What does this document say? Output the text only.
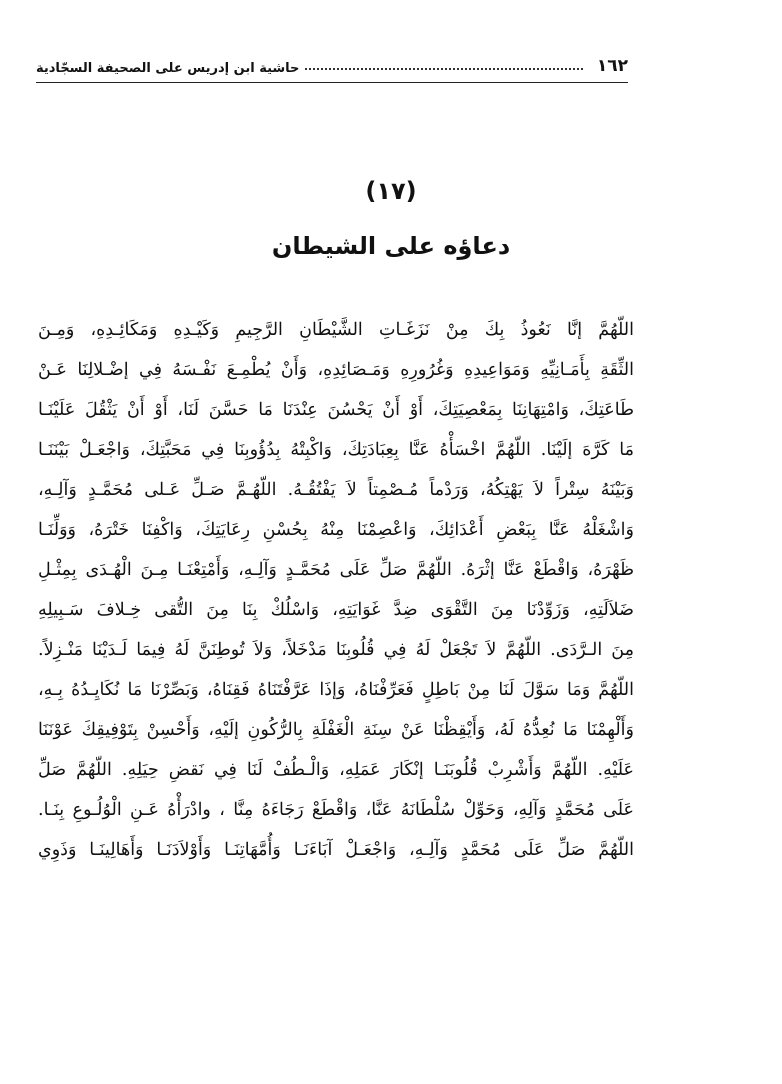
١٦٢
حاشية ابن إدريس على الصحيفة السجّادية
(١٧)
دعاؤه على الشيطان
اللّهُمَّ إنَّا نَعُوذُ بِكَ مِنْ نَزَغَـاتِ الشَّيْطَانِ الرَّجِيمِ وَكَيْـدِهِ وَمَكَائِـدِهِ، وَمِـنَ
الثِّقَةِ بِأَمَـانِيِّهِ وَمَوَاعِيدِهِ وَغُرُورِهِ وَمَـصَائِدِهِ، وَأَنْ يُطْمِـعَ نَفْـسَهُ فِي إضْـلالِنَا عَـنْ
طَاعَتِكَ، وَامْتِهَانِنَا بِمَعْصِيَتِكَ، أَوْ أَنْ يَحْسُنَ عِنْدَنَا مَا حَسَّنَ لَنَا، أَوْ أَنْ يَثْقُلَ عَلَيْنَـا
مَا كَرَّهَ إلَيْنَا. اللّهُمَّ اخْسَأْهُ عَنَّا بِعِبَادَتِكَ، وَاكْبِتْهُ بِدُؤُوبِنَا فِي مَحَبَّتِكَ، وَاجْعَـلْ بَيْنَنَـا
وَبَيْنَهُ سِتْراً لاَ يَهْتِكُهُ، وَرَدْماً مُـصْمِتاً لاَ يَفْتُقُـهُ. اللّهُـمَّ صَـلِّ عَـلى مُحَمَّـدٍ وَآلِـهِ،
وَاشْغَلْهُ عَنَّا بِبَعْضِ أَعْدَائِكَ، وَاعْصِمْنَا مِنْهُ بِحُسْنِ رِعَايَتِكَ، وَاكْفِنَا خَتْرَهُ، وَوَلِّنَـا
ظَهْرَهُ، وَاقْطَعْ عَنَّا إثْرَهُ. اللّهُمَّ صَلِّ عَلَى مُحَمَّـدٍ وَآلِـهِ، وَأَمْتِعْنَـا مِـنَ الْهُـدَى بِمِثْـلِ
ضَلاَلَتِهِ، وَزَوِّدْنَا مِنَ التَّقْوَى ضِدَّ غَوَايَتِهِ، وَاسْلُكْ بِنَا مِنَ التُّقى خِـلافَ سَـبِيلِهِ
مِنَ الـرَّدَى. اللّهُمَّ لاَ تَجْعَلْ لَهُ فِي قُلُوبِنَا مَدْخَلاً، وَلاَ تُوطِنَنَّ لَهُ فِيمَا لَـدَيْنَا مَنْـزِلاً.
اللّهُمَّ وَمَا سَوَّلَ لَنَا مِنْ بَاطِلٍ فَعَرِّفْنَاهُ، وَإذَا عَرَّفْتَنَاهُ فَقِنَاهُ، وَبَصِّرْنَا مَا نُكَايِـدُهُ بِـهِ،
وَأَلْهِمْنَا مَا نُعِدُّهُ لَهُ، وَأَيْقِظْنَا عَنْ سِنَةِ الْغَفْلَةِ بِالرُّكُونِ إلَيْهِ، وَأَحْسِنْ بِتَوْفِيقِكَ عَوْنَنَا
عَلَيْهِ. اللّهُمَّ وَأَشْرِبْ قُلُوبَنَـا إنْكَارَ عَمَلِهِ، وَالْـطُفْ لَنَا فِي نَقضِ حِيَلِهِ. اللّهُمَّ صَلِّ
عَلَى مُحَمَّدٍ وَآلِهِ، وَحَوِّلْ سُلْطَانَهُ عَنَّا، وَاقْطَعْ رَجَاءَهُ مِنَّا ، وادْرَأْهُ عَـنِ الْوُلُـوعِ بِنَـا.
اللّهُمَّ صَلِّ عَلَى مُحَمَّدٍ وَآلِـهِ، وَاجْعَـلْ آبَاءَنَـا وَأُمَّهَاتِنَـا وَأَوْلاَدَنَـا وَأَهَالِينَـا وَذَوِي
